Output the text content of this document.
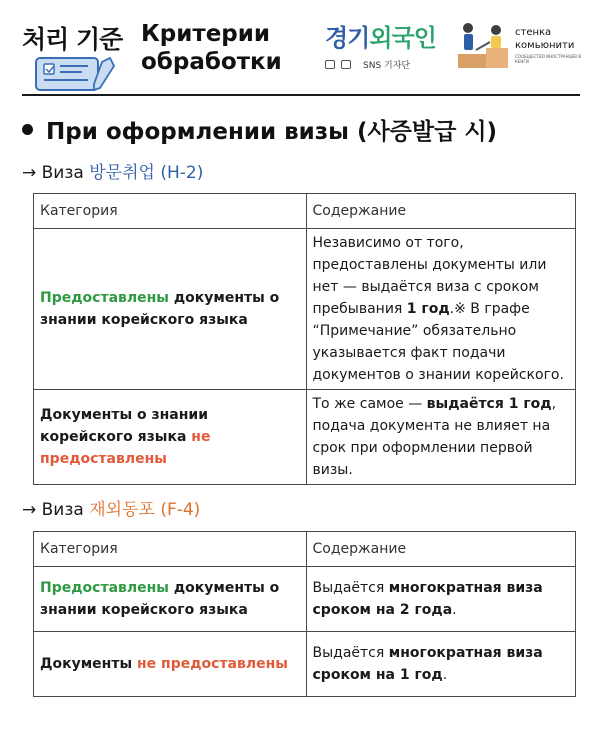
처리 기준 Критерии
обработки
경기외국인
SNS 기자단
стенка
комьюнити
СООБЩЕСТВО ИНОСТРАНЦЕВ В КЕНГИ
При оформлении визы (사증발급 시)
→ Виза 방문취업 (H-2)
Категория	Содержание
Предоставлены документы о знании корейского языка	Независимо от того, предоставлены документы или нет — выдаётся виза с сроком пребывания 1 год.※ В графе “Примечание” обязательно указывается факт подачи документов о знании корейского.
Документы о знании корейского языка не предоставлены	То же самое — выдаётся 1 год, подача документа не влияет на срок при оформлении первой визы.
→ Виза 재외동포 (F-4)
Категория	Содержание
Предоставлены документы о знании корейского языка	Выдаётся многократная виза сроком на 2 года.
Документы не предоставлены	Выдаётся многократная виза сроком на 1 год.
